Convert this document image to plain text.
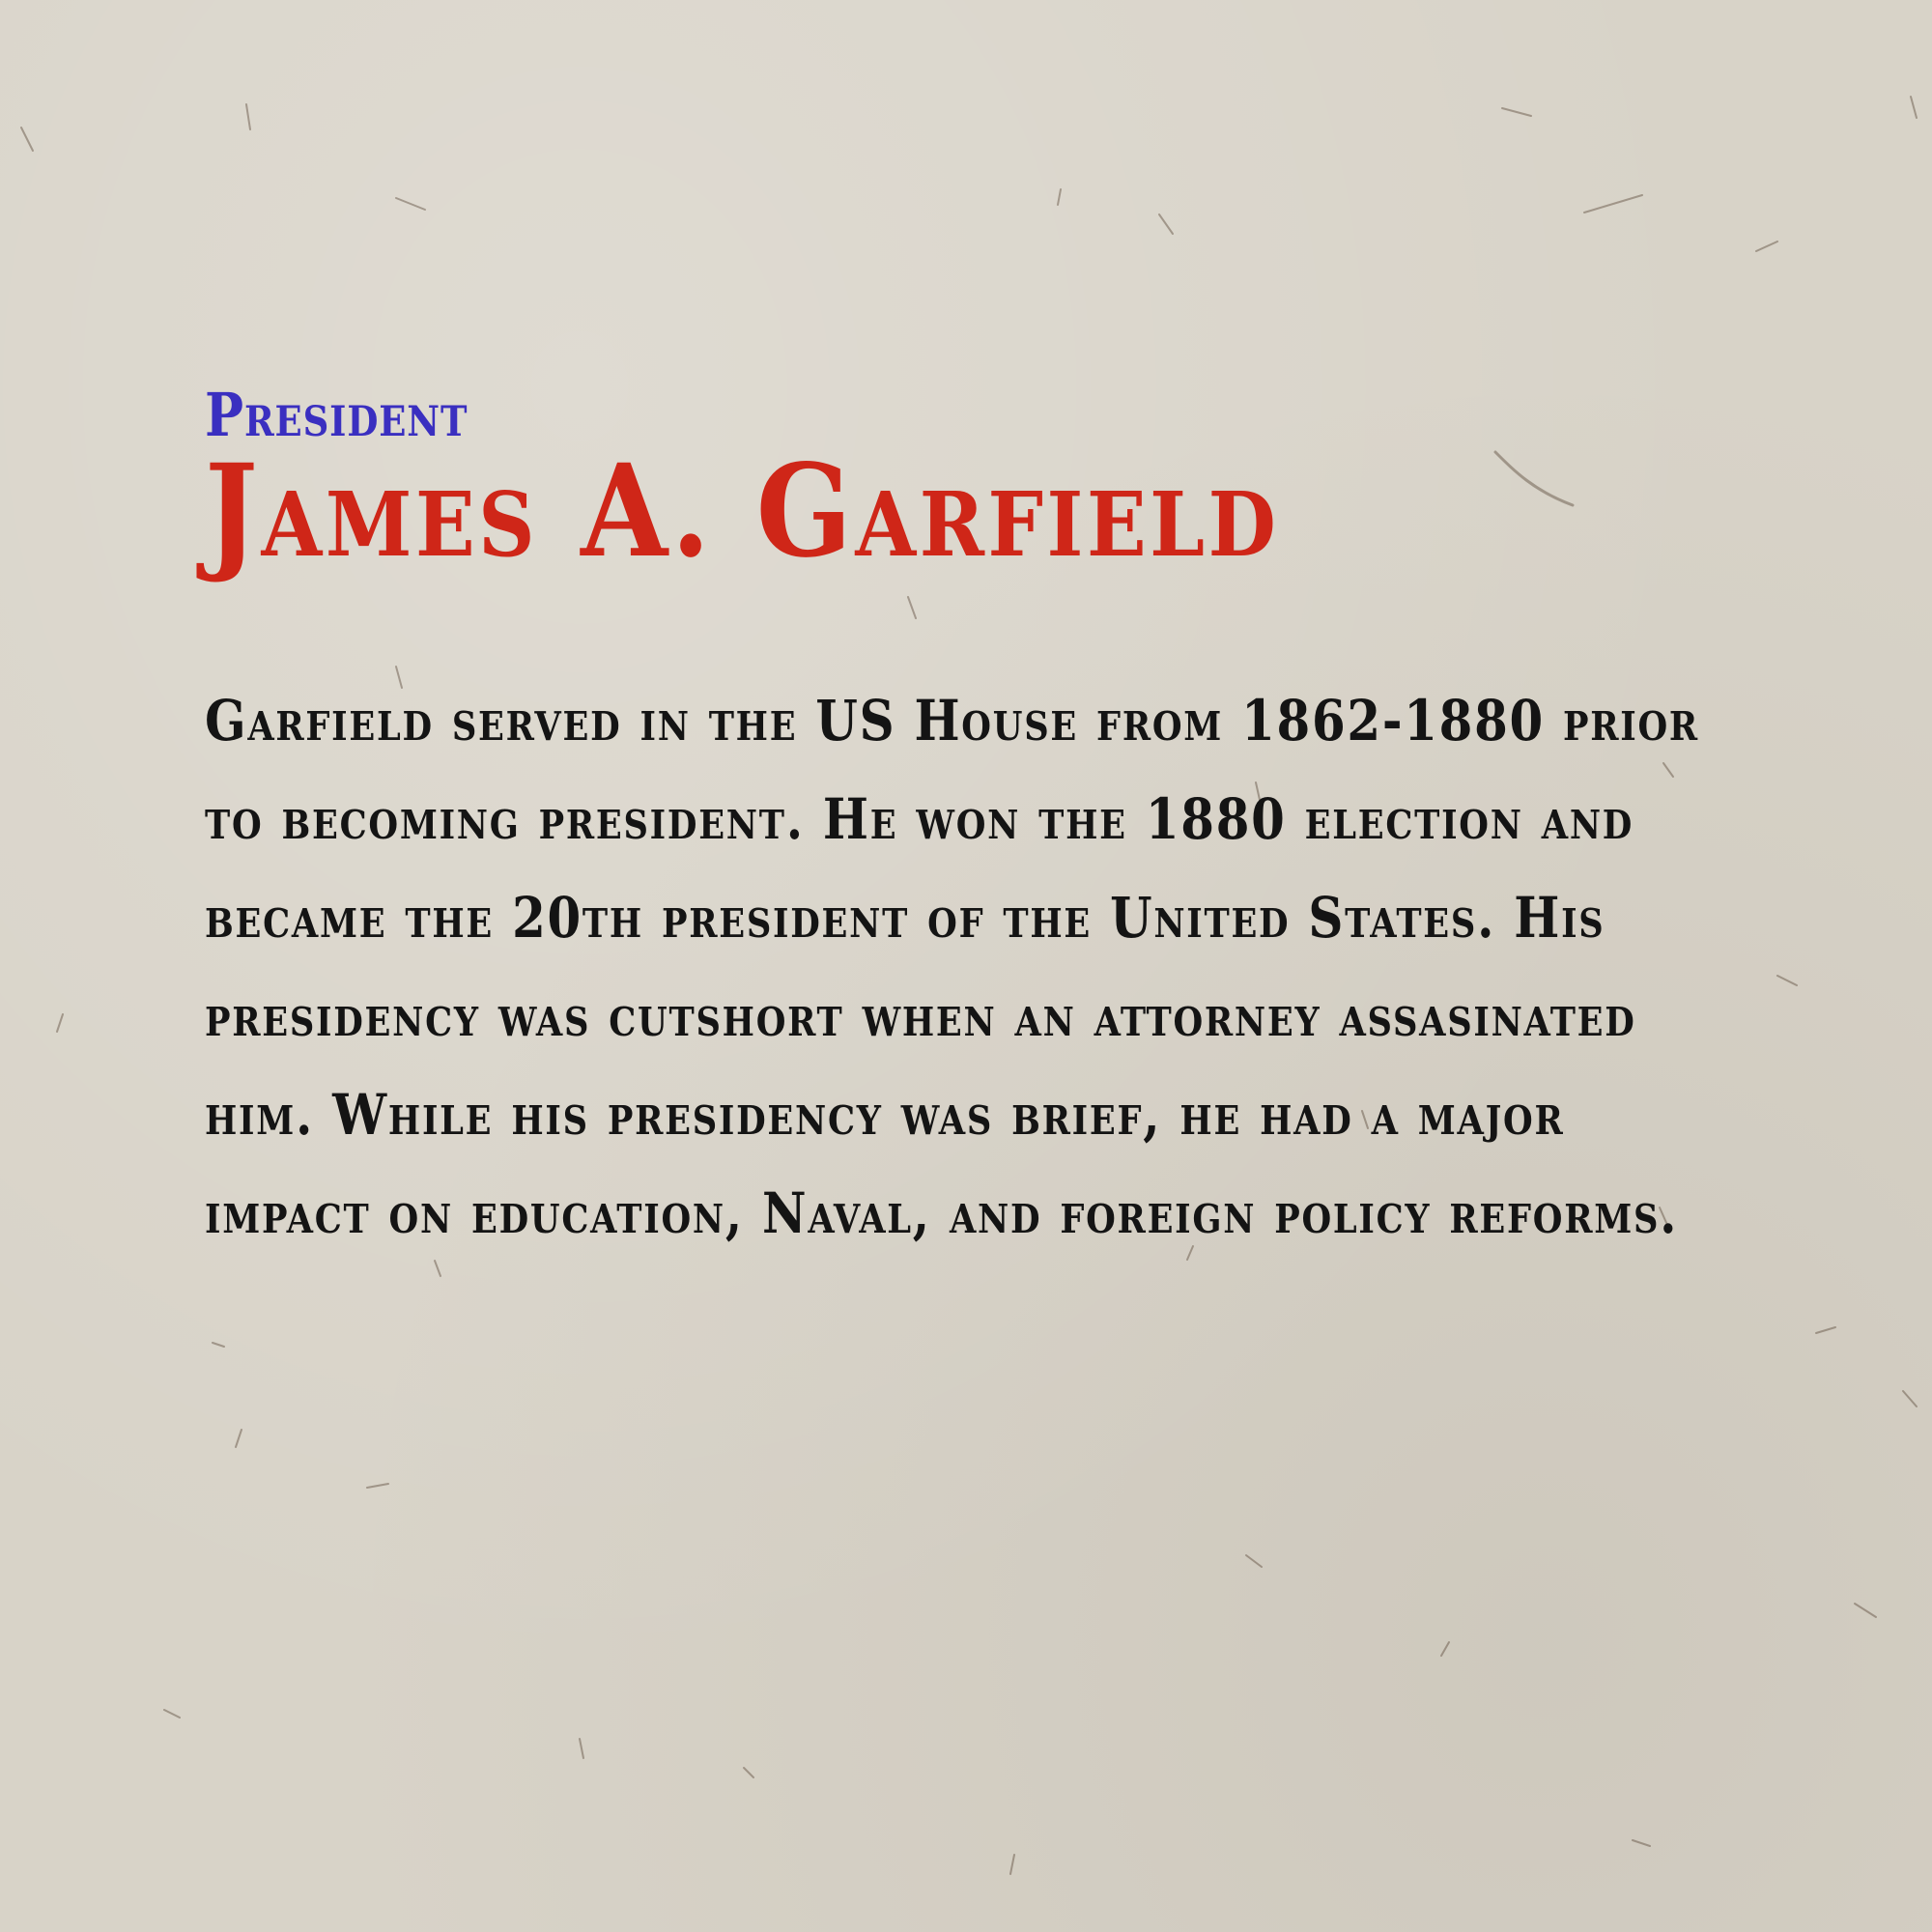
President
James A. Garfield

Garfield served in the US House from 1862-1880 prior to becoming president. He won the 1880 election and became the 20th president of the United States. His presidency was cutshort when an attorney assasinated him. While his presidency was brief, he had a major impact on education, Naval, and foreign policy reforms.
